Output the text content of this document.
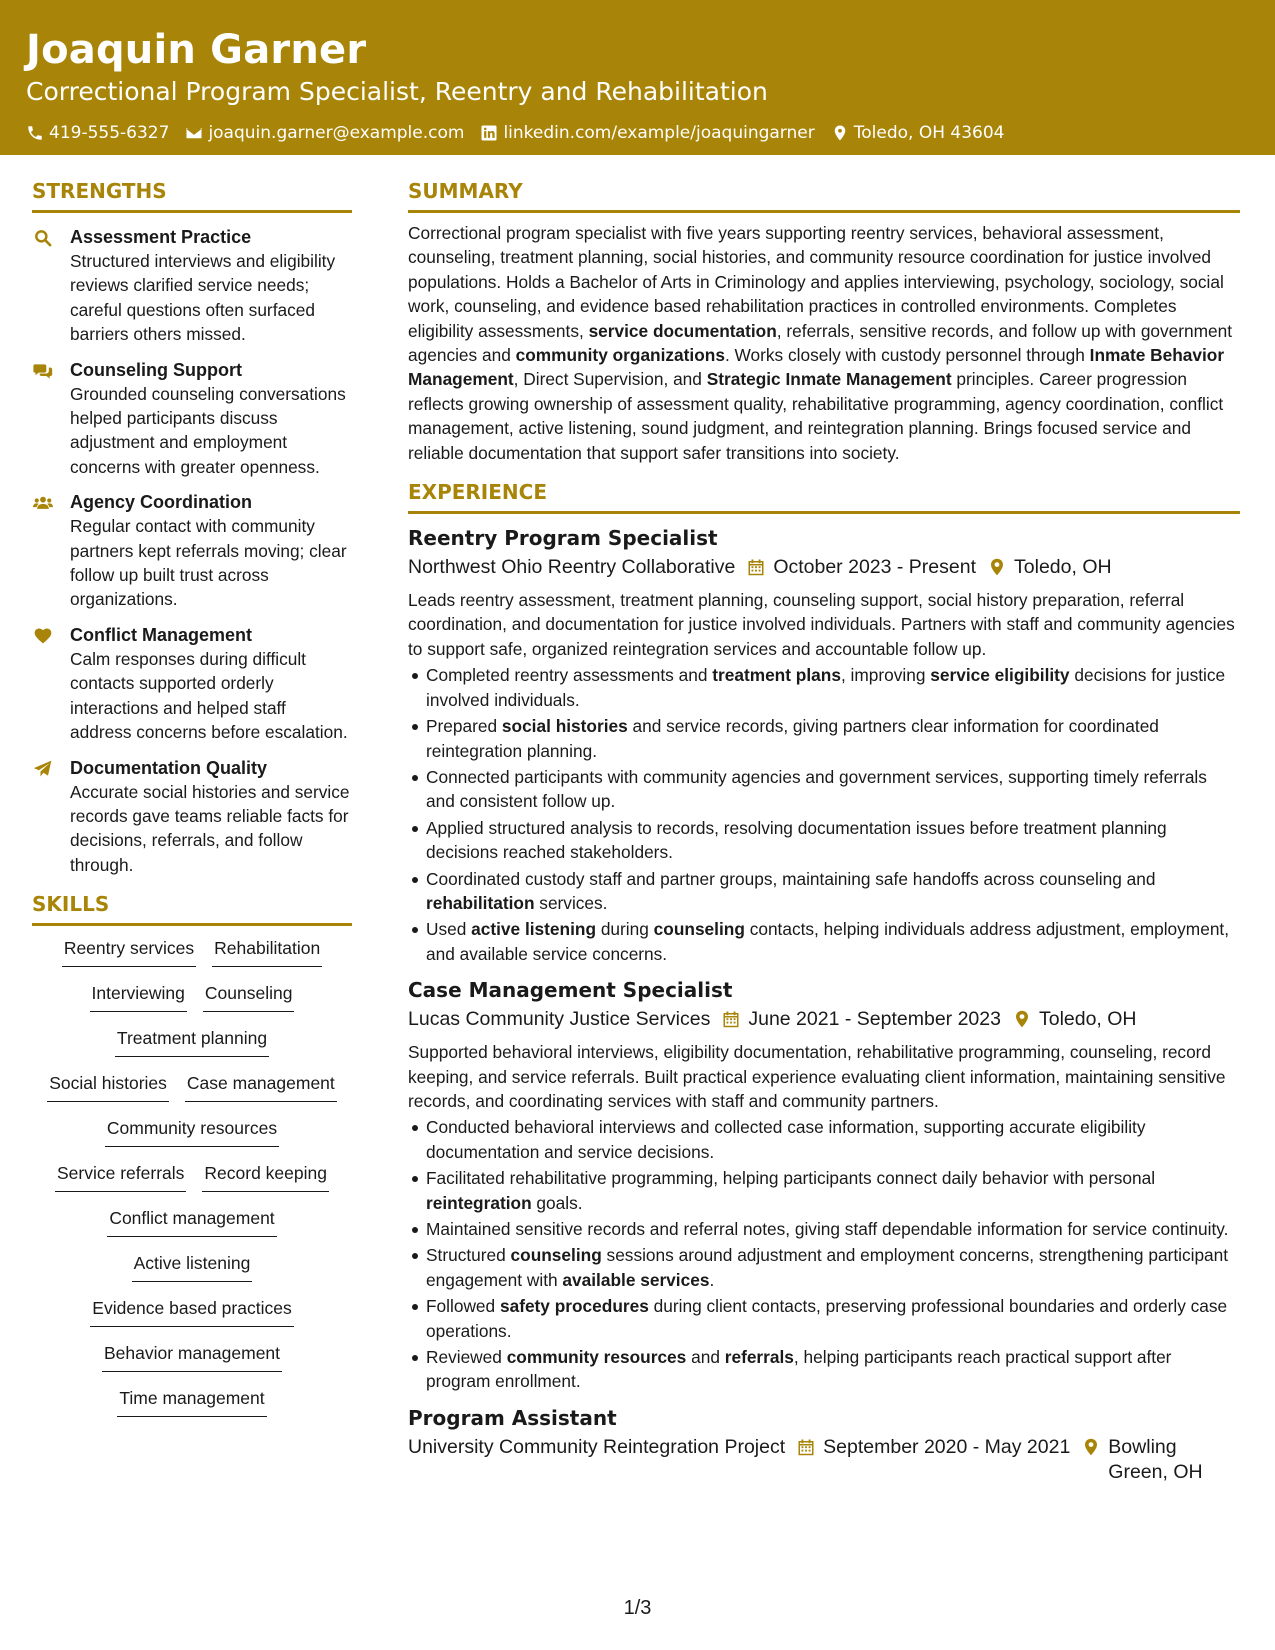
Joaquin Garner
Correctional Program Specialist, Reentry and Rehabilitation
419-555-6327 joaquin.garner@example.com linkedin.com/example/joaquingarner Toledo, OH 43604
STRENGTHS
Assessment Practice
Structured interviews and eligibility reviews clarified service needs; careful questions often surfaced barriers others missed.
Counseling Support
Grounded counseling conversations helped participants discuss adjustment and employment concerns with greater openness.
Agency Coordination
Regular contact with community partners kept referrals moving; clear follow up built trust across organizations.
Conflict Management
Calm responses during difficult contacts supported orderly interactions and helped staff address concerns before escalation.
Documentation Quality
Accurate social histories and service records gave teams reliable facts for decisions, referrals, and follow through.
SKILLS
Reentry services Rehabilitation
Interviewing Counseling
Treatment planning
Social histories Case management
Community resources
Service referrals Record keeping
Conflict management
Active listening
Evidence based practices
Behavior management
Time management
SUMMARY

Correctional program specialist with five years supporting reentry services, behavioral assessment, counseling, treatment planning, social histories, and community resource coordination for justice involved populations. Holds a Bachelor of Arts in Criminology and applies interviewing, psychology, sociology, social work, counseling, and evidence based rehabilitation practices in controlled environments. Completes eligibility assessments, service documentation, referrals, sensitive records, and follow up with government agencies and community organizations. Works closely with custody personnel through Inmate Behavior Management, Direct Supervision, and Strategic Inmate Management principles. Career progression reflects growing ownership of assessment quality, rehabilitative programming, agency coordination, conflict management, active listening, sound judgment, and reintegration planning. Brings focused service and reliable documentation that support safer transitions into society.

EXPERIENCE
Reentry Program Specialist
Northwest Ohio Reentry Collaborative October 2023 - Present Toledo, OH

Leads reentry assessment, treatment planning, counseling support, social history preparation, referral coordination, and documentation for justice involved individuals. Partners with staff and community agencies to support safe, organized reintegration services and accountable follow up.

Completed reentry assessments and treatment plans, improving service eligibility decisions for justice involved individuals.
Prepared social histories and service records, giving partners clear information for coordinated reintegration planning.
Connected participants with community agencies and government services, supporting timely referrals and consistent follow up.
Applied structured analysis to records, resolving documentation issues before treatment planning decisions reached stakeholders.
Coordinated custody staff and partner groups, maintaining safe handoffs across counseling and rehabilitation services.
Used active listening during counseling contacts, helping individuals address adjustment, employment, and available service concerns.
Case Management Specialist
Lucas Community Justice Services June 2021 - September 2023 Toledo, OH

Supported behavioral interviews, eligibility documentation, rehabilitative programming, counseling, record keeping, and service referrals. Built practical experience evaluating client information, maintaining sensitive records, and coordinating services with staff and community partners.

Conducted behavioral interviews and collected case information, supporting accurate eligibility documentation and service decisions.
Facilitated rehabilitative programming, helping participants connect daily behavior with personal reintegration goals.
Maintained sensitive records and referral notes, giving staff dependable information for service continuity.
Structured counseling sessions around adjustment and employment concerns, strengthening participant engagement with available services.
Followed safety procedures during client contacts, preserving professional boundaries and orderly case operations.
Reviewed community resources and referrals, helping participants reach practical support after program enrollment.
Program Assistant
University Community Reintegration Project September 2020 - May 2021 Bowling Green, OH
1/3
